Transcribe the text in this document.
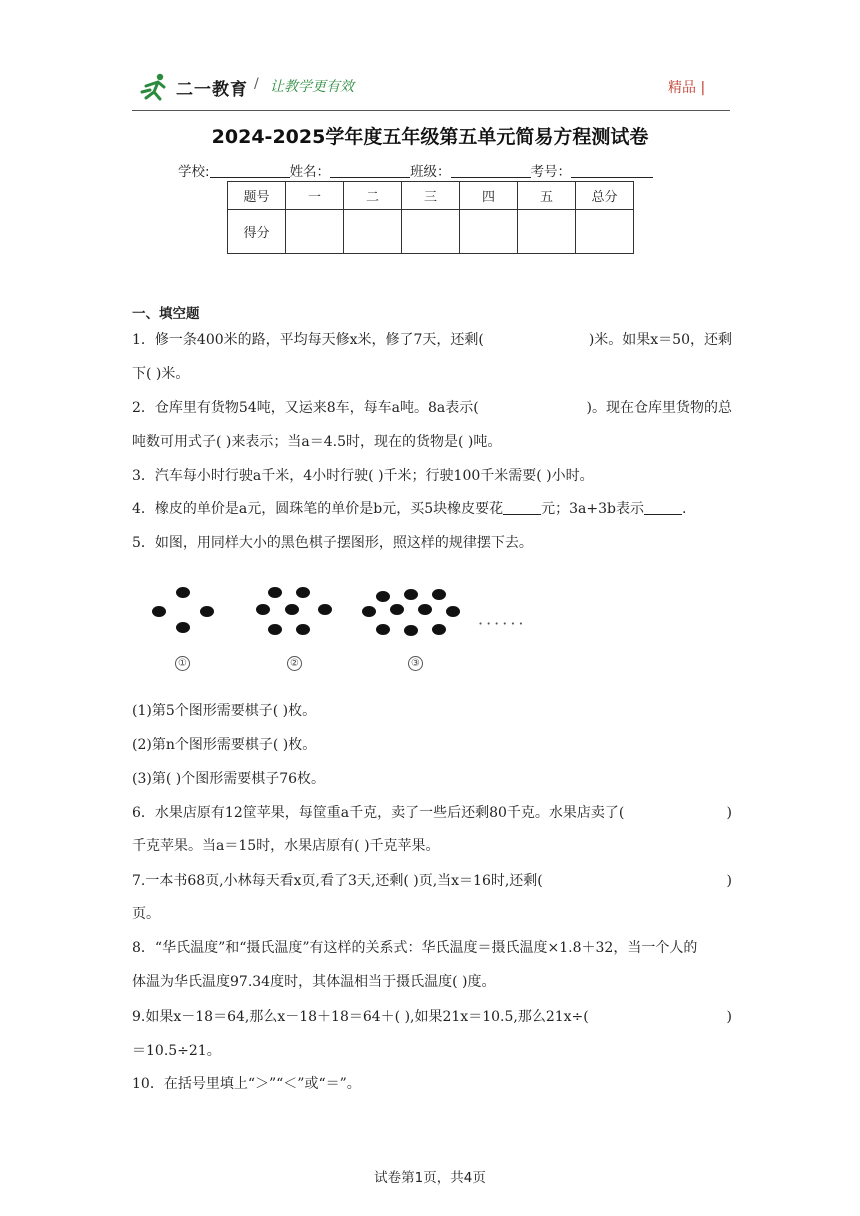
二一教育 / 让教学更有效	精品 |
2024-2025学年度五年级第五单元简易方程测试卷
学校:	姓名：	班级：	考号：
题号	一	二	三	四	五	总分
得分						
一、填空题
1．修一条400米的路，平均每天修x米，修了7天，还剩(	)米。如果x＝50，还剩
下( )米。
2．仓库里有货物54吨，又运来8车，每车a吨。8a表示(	)。现在仓库里货物的总
吨数可用式子( )来表示；当a＝4.5时，现在的货物是( )吨。
3．汽车每小时行驶a千米，4小时行驶( )千米；行驶100千米需要( )小时。
4．橡皮的单价是a元，圆珠笔的单价是b元，买5块橡皮要花	元；3a+3b表示	.
5．如图，用同样大小的黑色棋子摆图形，照这样的规律摆下去。
······
①	②	③
(1)第5个图形需要棋子( )枚。
(2)第n个图形需要棋子( )枚。
(3)第( )个图形需要棋子76枚。
6．水果店原有12筐苹果，每筐重a千克，卖了一些后还剩80千克。水果店卖了(	)
千克苹果。当a＝15时，水果店原有( )千克苹果。
7.一本书68页,小林每天看x页,看了3天,还剩( )页,当x＝16时,还剩(	)
页。
8．“华氏温度”和“摄氏温度”有这样的关系式：华氏温度＝摄氏温度×1.8＋32，当一个人的
体温为华氏温度97.34度时，其体温相当于摄氏温度( )度。
9.如果x－18＝64,那么x－18＋18＝64＋( ),如果21x＝10.5,那么21x÷(	)
＝10.5÷21。
10．在括号里填上“＞”“＜”或“＝”。
试卷第1页，共4页
